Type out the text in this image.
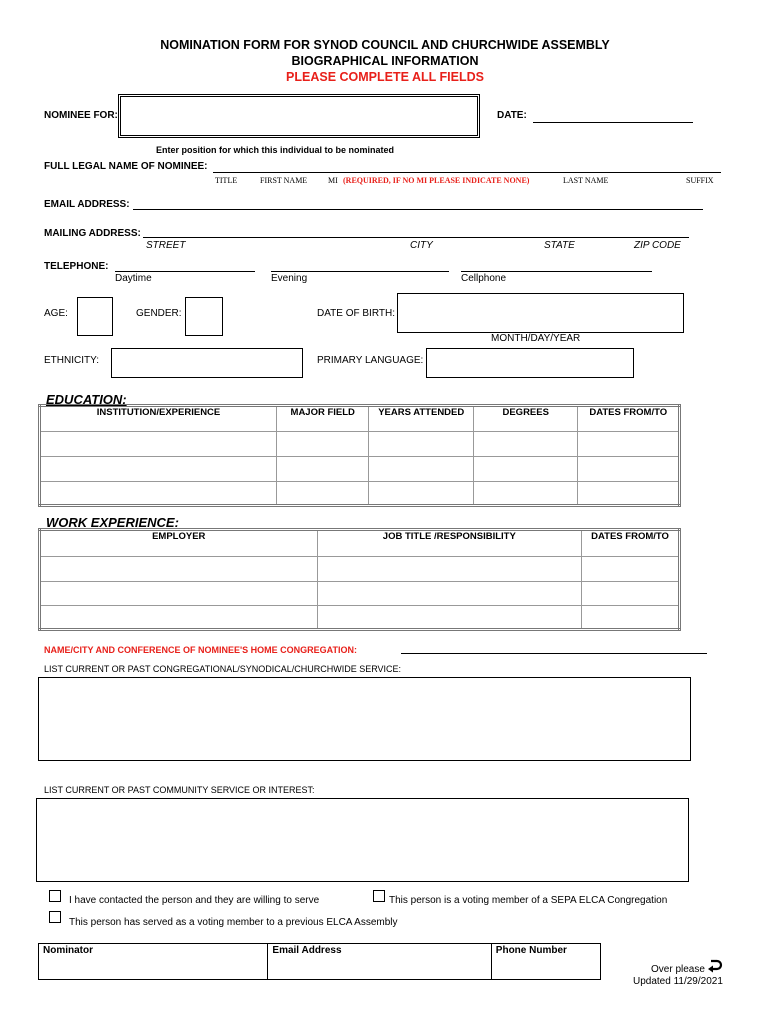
NOMINATION FORM FOR SYNOD COUNCIL AND CHURCHWIDE ASSEMBLY
BIOGRAPHICAL INFORMATION
PLEASE COMPLETE ALL FIELDS
NOMINEE FOR:	DATE:
Enter position for which this individual to be nominated
FULL LEGAL NAME OF NOMINEE:
TITLE	FIRST NAME	MI (REQUIRED, IF NO MI PLEASE INDICATE NONE)	LAST NAME	SUFFIX
EMAIL ADDRESS:
MAILING ADDRESS:
STREET	CITY	STATE	ZIP CODE
TELEPHONE:
Daytime	Evening	Cellphone
AGE:	GENDER:	DATE OF BIRTH:
MONTH/DAY/YEAR
ETHNICITY:	PRIMARY LANGUAGE:
EDUCATION:
INSTITUTION/EXPERIENCE	MAJOR FIELD	YEARS ATTENDED	DEGREES	DATES FROM/TO

WORK EXPERIENCE:
EMPLOYER	JOB TITLE /RESPONSIBILITY	DATES FROM/TO

NAME/CITY AND CONFERENCE OF NOMINEE'S HOME CONGREGATION:
LIST CURRENT OR PAST CONGREGATIONAL/SYNODICAL/CHURCHWIDE SERVICE:
LIST CURRENT OR PAST COMMUNITY SERVICE OR INTEREST:
I have contacted the person and they are willing to serve	This person is a voting member of a SEPA ELCA Congregation
This person has served as a voting member to a previous ELCA Assembly
Nominator	Email Address	Phone Number
Over please
Updated 11/29/2021
